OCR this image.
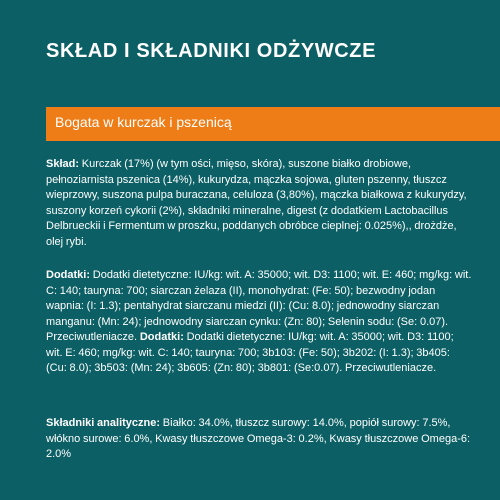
SKŁAD I SKŁADNIKI ODŻYWCZE
Bogata w kurczak i pszenicą
Skład: Kurczak (17%) (w tym ości, mięso, skóra), suszone białko drobiowe, pełnoziarnista pszenica (14%), kukurydza, mączka sojowa, gluten pszenny, tłuszcz wieprzowy, suszona pulpa buraczana, celuloza (3,80%), mączka białkowa z kukurydzy, suszony korzeń cykorii (2%), składniki mineralne, digest (z dodatkiem Lactobacillus Delbrueckii i Fermentum w proszku, poddanych obróbce cieplnej: 0.025%),, drożdże, olej rybi.
Dodatki: Dodatki dietetyczne: IU/kg: wit. A: 35000; wit. D3: 1100; wit. E: 460; mg/kg: wit. C: 140; tauryna: 700; siarczan żelaza (II), monohydrat: (Fe: 50); bezwodny jodan wapnia: (I: 1.3); pentahydrat siarczanu miedzi (II): (Cu: 8.0); jednowodny siarczan manganu: (Mn: 24); jednowodny siarczan cynku: (Zn: 80); Selenin sodu: (Se: 0.07). Przeciwutleniacze. Dodatki: Dodatki dietetyczne: IU/kg: wit. A: 35000; wit. D3: 1100; wit. E: 460; mg/kg: wit. C: 140; tauryna: 700; 3b103: (Fe: 50); 3b202: (I: 1.3); 3b405: (Cu: 8.0); 3b503: (Mn: 24); 3b605: (Zn: 80); 3b801: (Se:0.07). Przeciwutleniacze.
Składniki analityczne: Białko: 34.0%, tłuszcz surowy: 14.0%, popiół surowy: 7.5%, włókno surowe: 6.0%, Kwasy tłuszczowe Omega-3: 0.2%, Kwasy tłuszczowe Omega-6: 2.0%
